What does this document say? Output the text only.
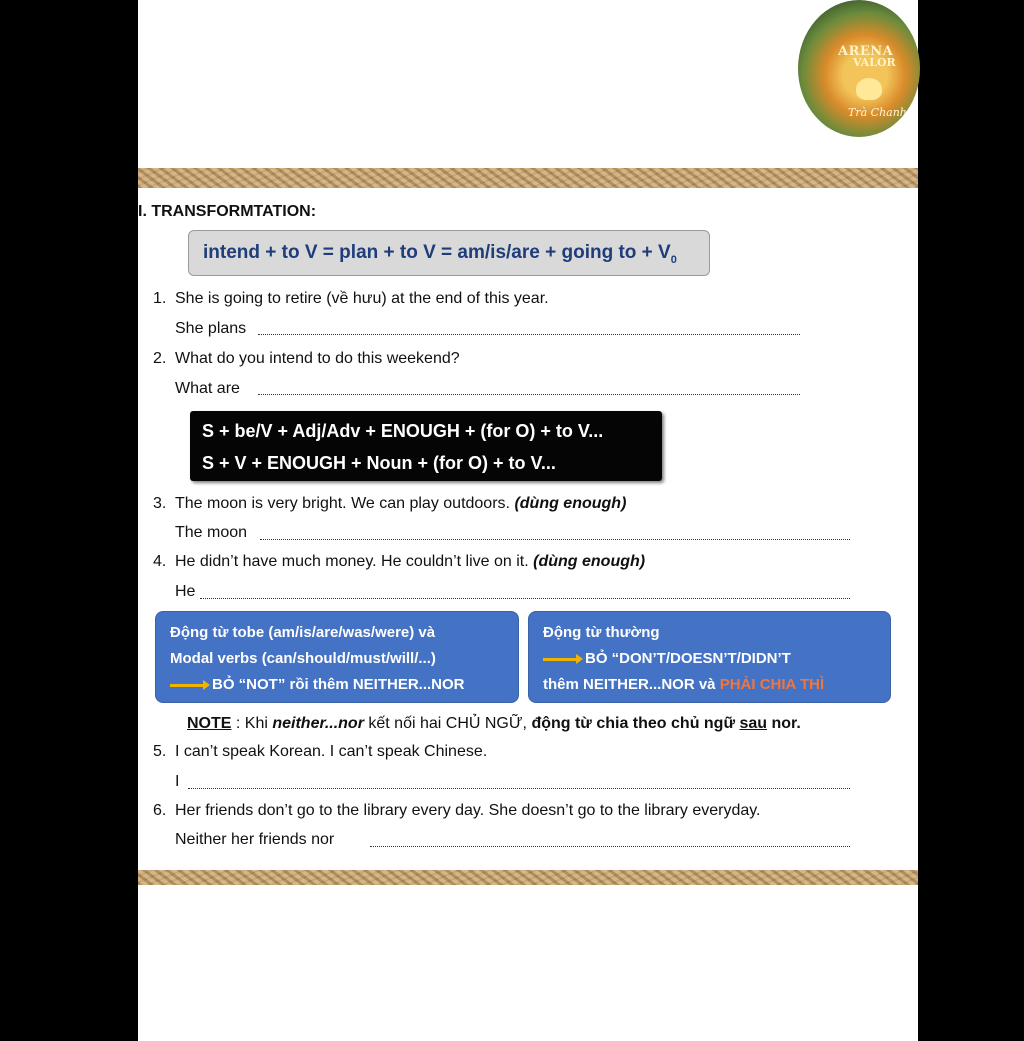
ARENA
VALOR
Trà Chanh
I. TRANSFORMTATION:
intend + to V = plan + to V = am/is/are + going to + $V_0$
1. She is going to retire (về hưu) at the end of this year.
She plans
2. What do you intend to do this weekend?
What are
S + be/V + Adj/Adv + ENOUGH + (for O) + to V...
S + V + ENOUGH + Noun + (for O) + to V...
3. The moon is very bright. We can play outdoors. (dùng enough)
The moon
4. He didn’t have much money. He couldn’t live on it. (dùng enough)
He
Động từ tobe (am/is/are/was/were) và
Modal verbs (can/should/must/will/...)
BỎ “NOT” rồi thêm NEITHER...NOR
Động từ thường
BỎ “DON’T/DOESN’T/DIDN’T
thêm NEITHER...NOR và PHẢI CHIA THÌ
NOTE : Khi neither...nor kết nối hai CHỦ NGỮ, động từ chia theo chủ ngữ sau nor.
5. I can’t speak Korean. I can’t speak Chinese.
I
6. Her friends don’t go to the library every day. She doesn’t go to the library everyday.
Neither her friends nor
